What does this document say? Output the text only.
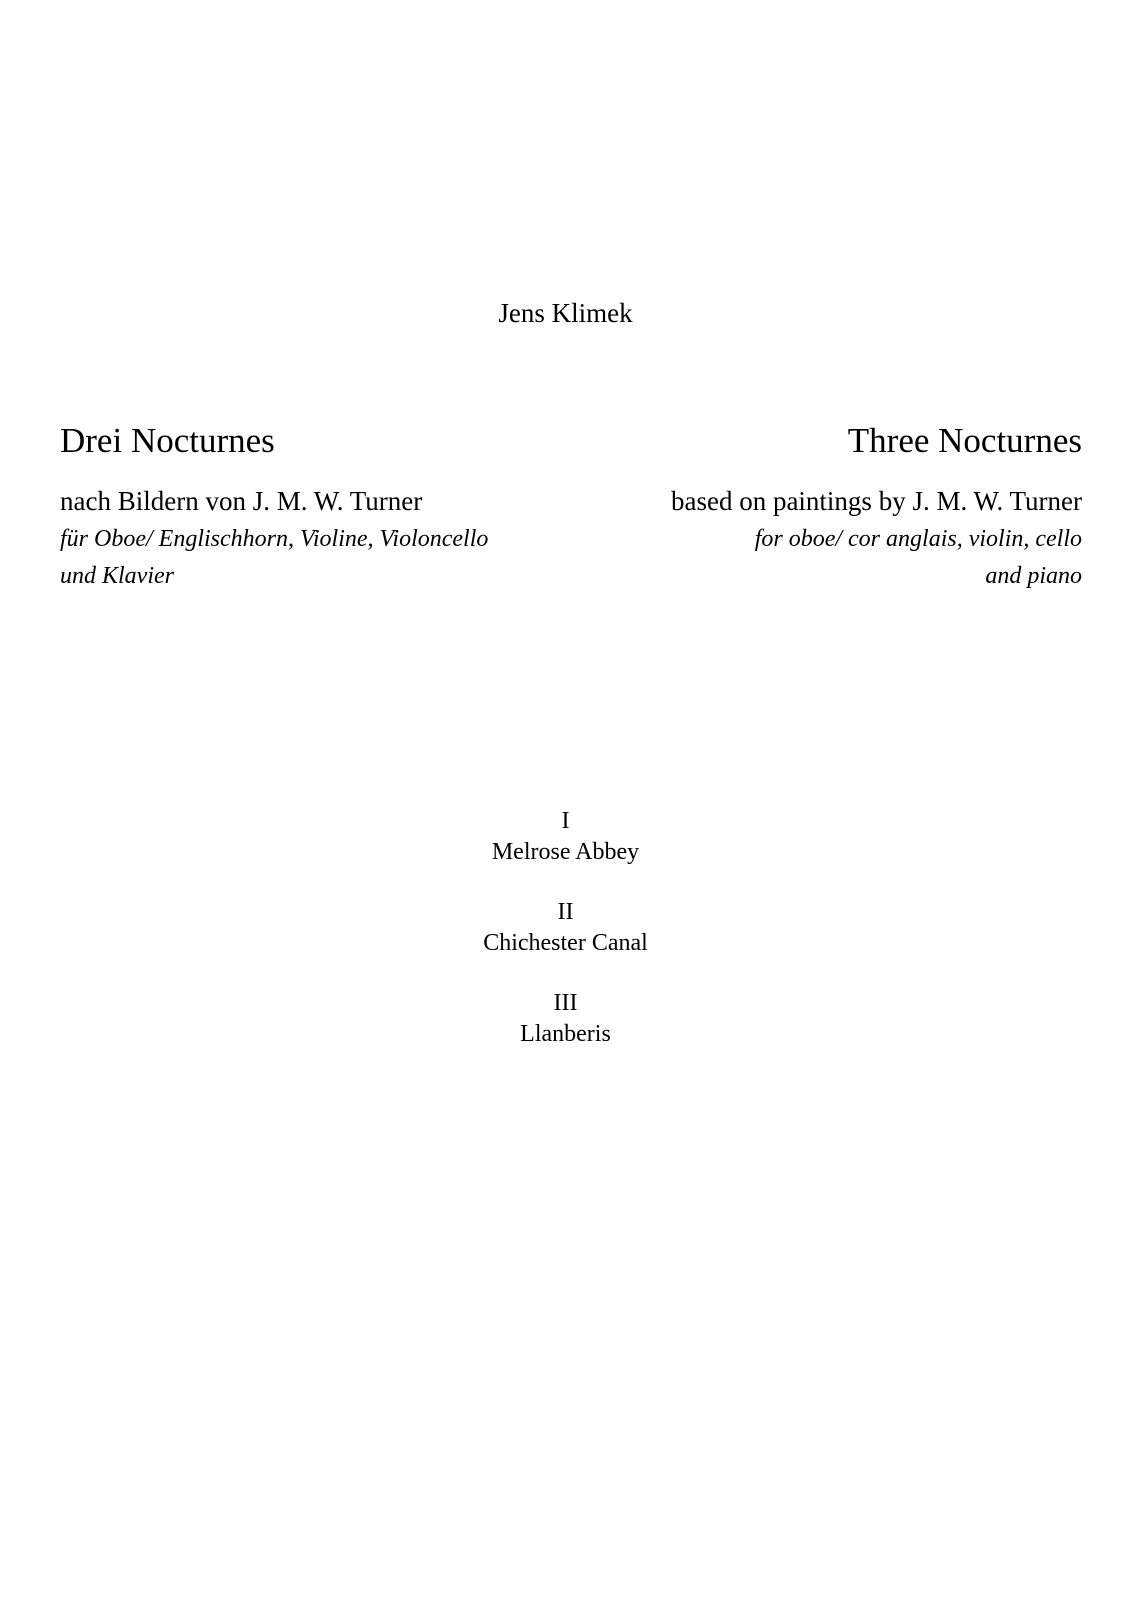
Jens Klimek
Drei Nocturnes
nach Bildern von J. M. W. Turner
für Oboe/ Englischhorn, Violine, Violoncello
und Klavier
Three Nocturnes
based on paintings by J. M. W. Turner
for oboe/ cor anglais, violin, cello
and piano
I
Melrose Abbey
II
Chichester Canal
III
Llanberis
